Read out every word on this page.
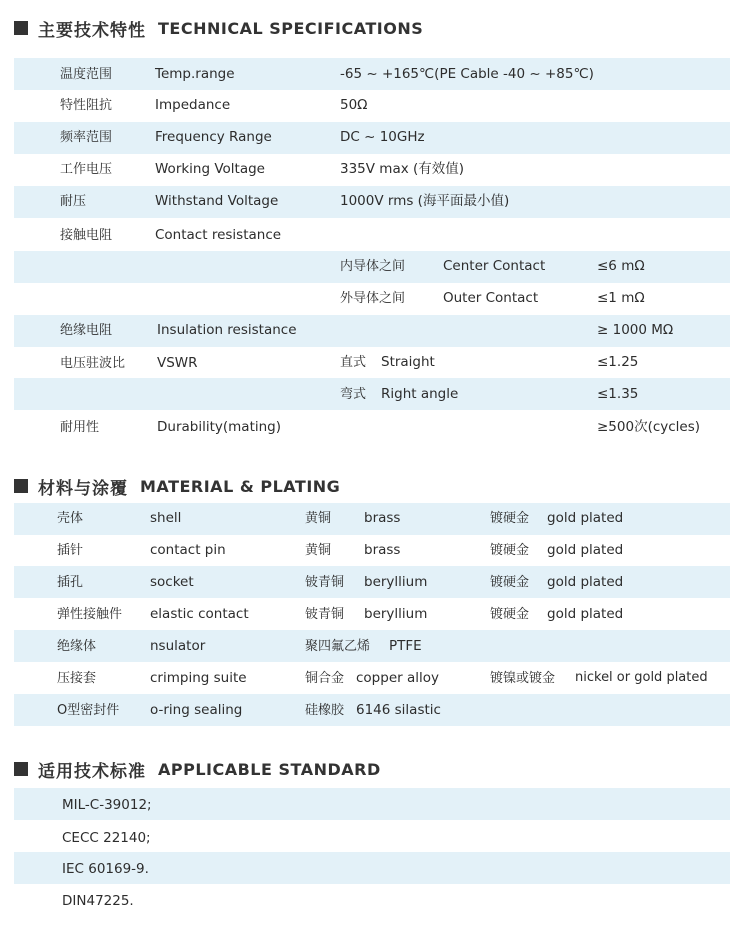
主要技术特性 TECHNICAL SPECIFICATIONS
温度范围	Temp.range	-65 ~ +165℃(PE Cable -40 ~ +85℃)
特性阻抗	Impedance	50Ω
频率范围	Frequency Range	DC ~ 10GHz
工作电压	Working Voltage	335V max (有效值)
耐压	Withstand Voltage	1000V rms (海平面最小值)
接触电阻	Contact resistance
内导体之间	Center Contact	≤6 mΩ
外导体之间	Outer Contact	≤1 mΩ
绝缘电阻	Insulation resistance	≥ 1000 MΩ
电压驻波比 VSWR	直式 Straight	≤1.25
弯式 Right angle	≤1.35
耐用性	Durability(mating)	≥500次(cycles)
材料与涂覆 MATERIAL & PLATING
壳体	shell	黄铜 brass	镀硬金 gold plated
插针	contact pin	黄铜 brass	镀硬金 gold plated
插孔	socket	铍青铜 beryllium	镀硬金 gold plated
弹性接触件 elastic contact	铍青铜 beryllium	镀硬金 gold plated
绝缘体	nsulator	聚四氟乙烯 PTFE
压接套	crimping suite	铜合金 copper alloy	镀镍或镀金 nickel or gold plated
O型密封件 o-ring sealing	硅橡胶 6146 silastic
适用技术标准 APPLICABLE STANDARD
MIL-C-39012;
CECC 22140;
IEC 60169-9.
DIN47225.
